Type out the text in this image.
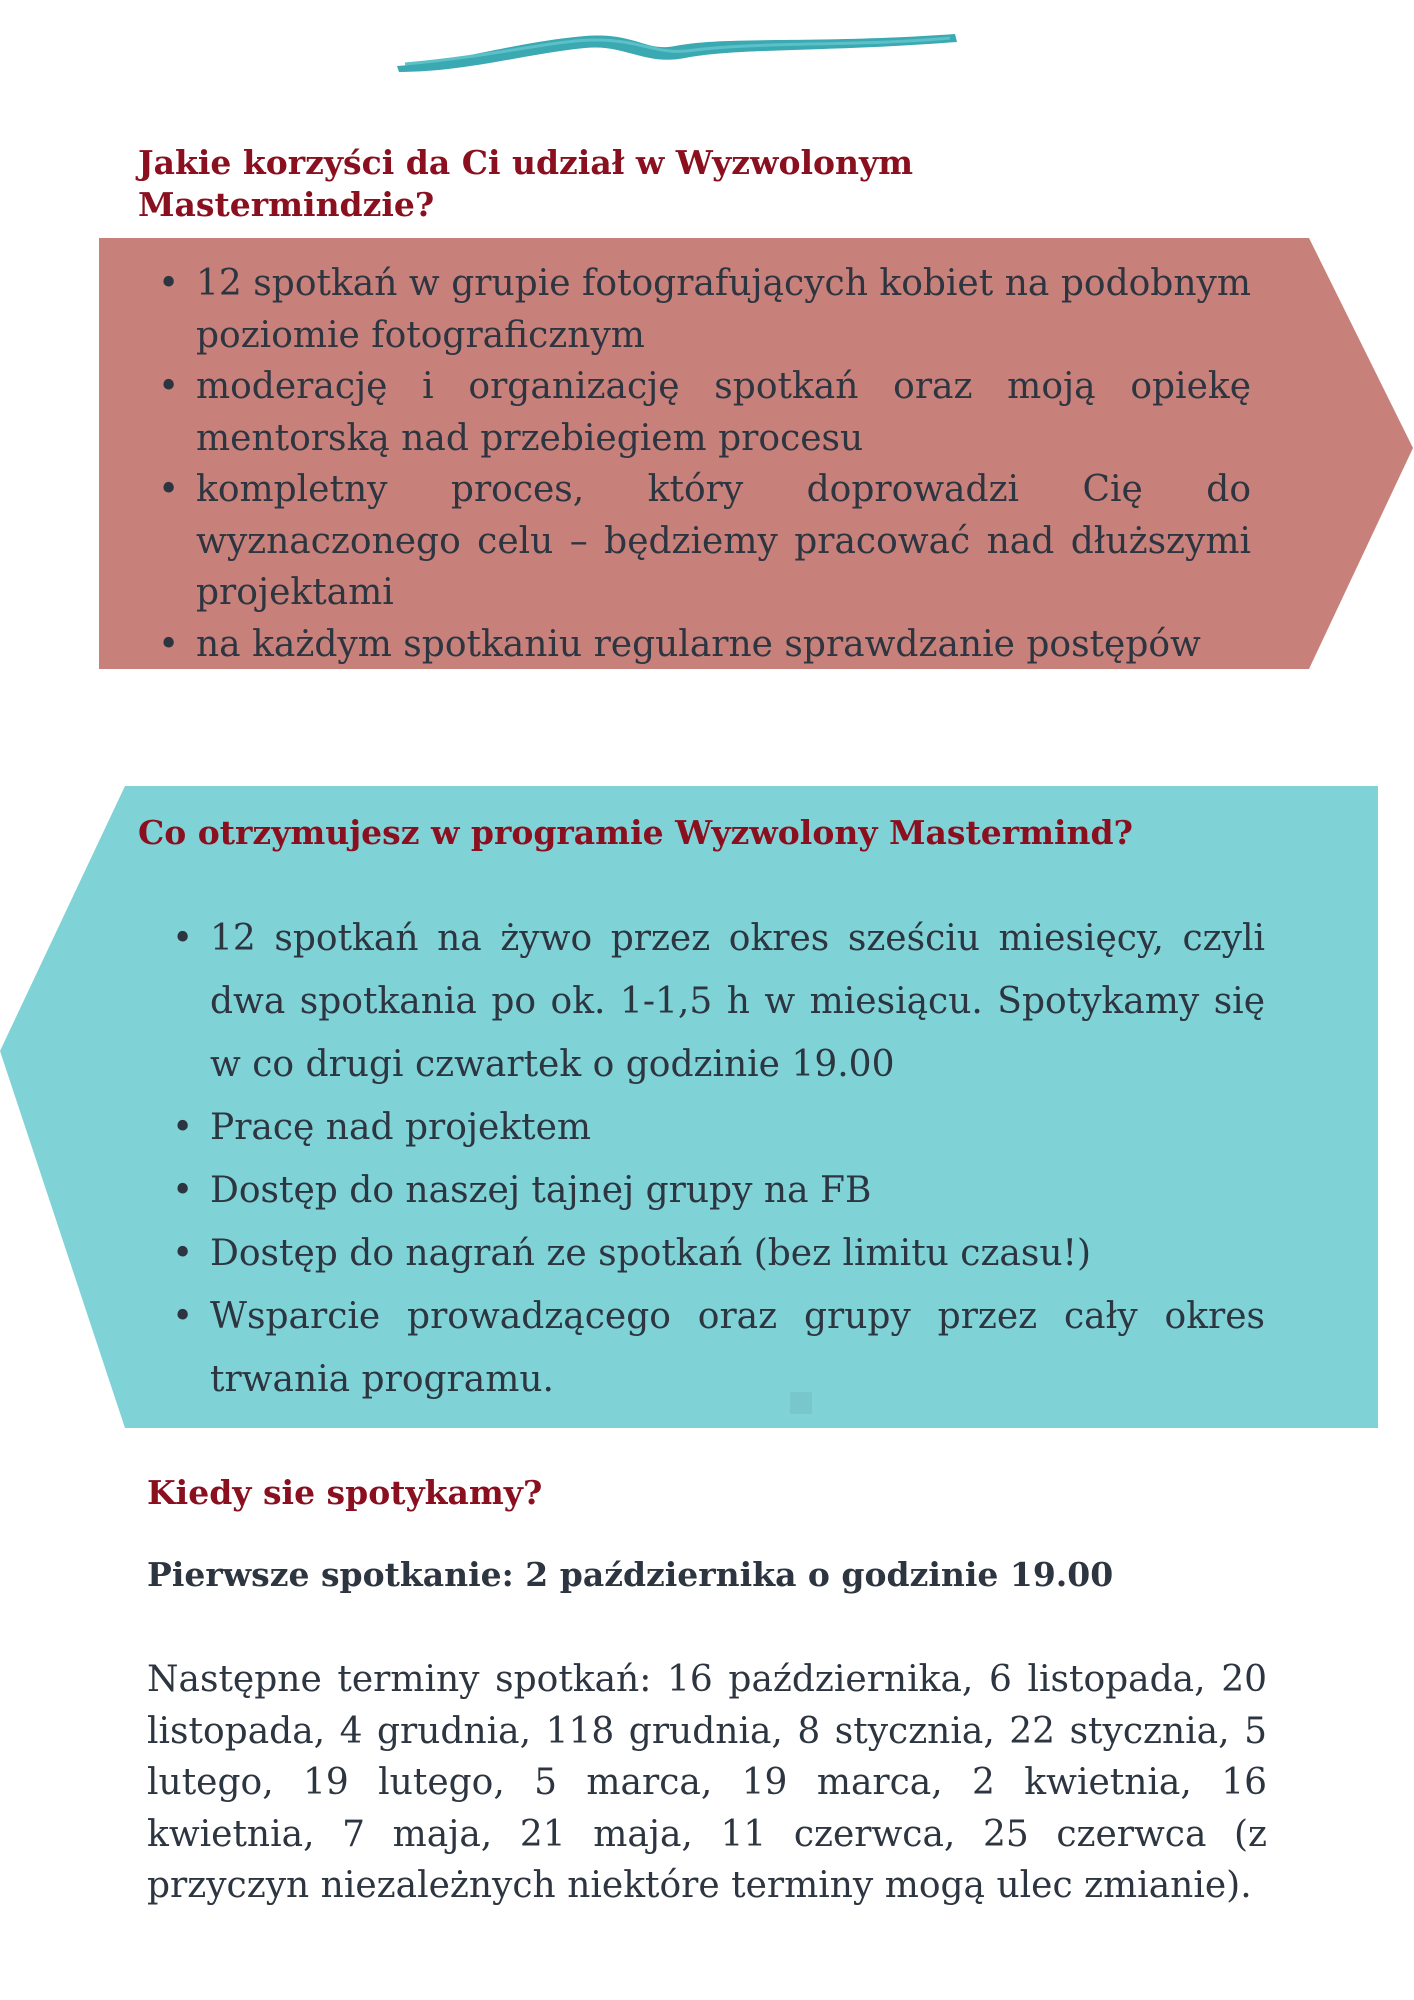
Jakie korzyści da Ci udział w Wyzwolonym
Mastermindzie?
• 12 spotkań w grupie fotografujących kobiet na podobnym poziomie fotograficznym
• moderację i organizację spotkań oraz moją opiekę mentorską nad przebiegiem procesu
• kompletny proces, który doprowadzi Cię do wyznaczonego celu – będziemy pracować nad dłuższymi projektami
• na każdym spotkaniu regularne sprawdzanie postępów
Co otrzymujesz w programie Wyzwolony Mastermind?
• 12 spotkań na żywo przez okres sześciu miesięcy, czyli dwa spotkania po ok. 1-1,5 h w miesiącu. Spotykamy się w co drugi czwartek o godzinie 19.00
• Pracę nad projektem
• Dostęp do naszej tajnej grupy na FB
• Dostęp do nagrań ze spotkań (bez limitu czasu!)
• Wsparcie prowadzącego oraz grupy przez cały okres trwania programu.
Kiedy sie spotykamy?

Pierwsze spotkanie: 2 października o godzinie 19.00

Następne terminy spotkań: 16 października, 6 listopada, 20 listopada, 4 grudnia, 118 grudnia, 8 stycznia, 22 stycznia, 5 lutego, 19 lutego, 5 marca, 19 marca, 2 kwietnia, 16 kwietnia, 7 maja, 21 maja, 11 czerwca, 25 czerwca (z przyczyn niezależnych niektóre terminy mogą ulec zmianie).
